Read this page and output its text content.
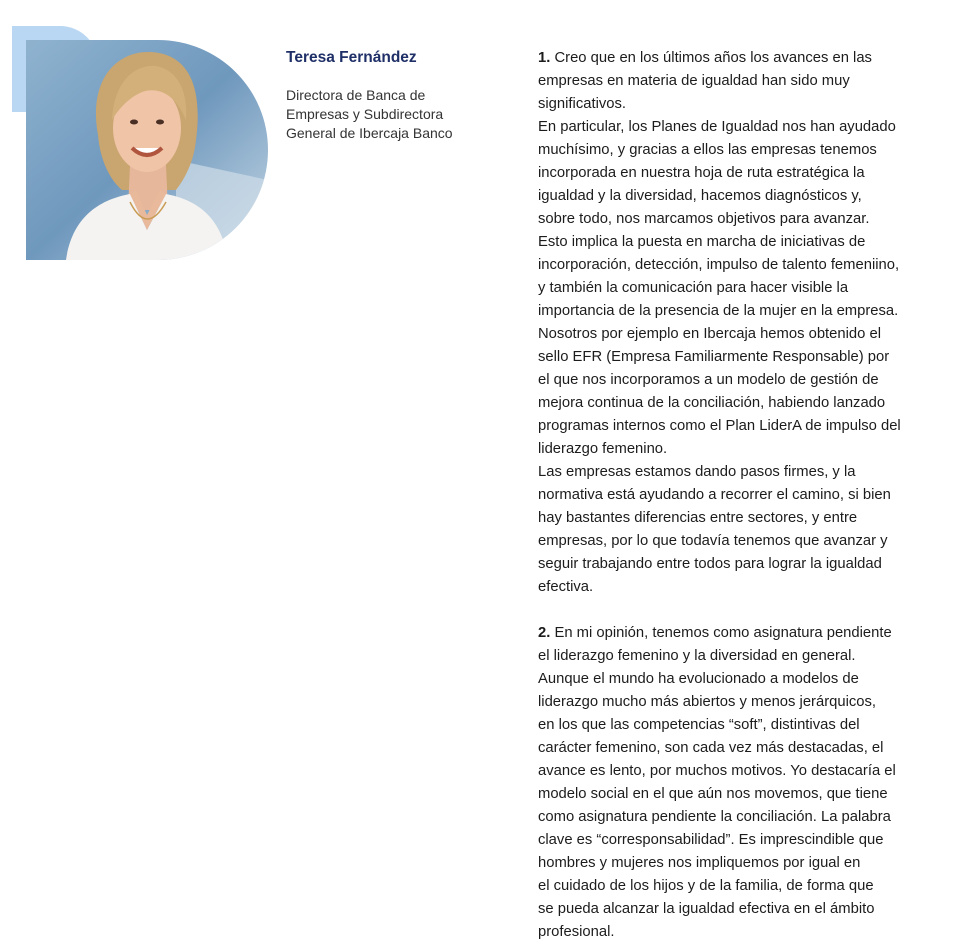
Teresa Fernández

Directora de Banca de
Empresas y Subdirectora
General de Ibercaja Banco

1. Creo que en los últimos años los avances en las

empresas en materia de igualdad han sido muy

significativos.

En particular, los Planes de Igualdad nos han ayudado

muchísimo, y gracias a ellos las empresas tenemos

incorporada en nuestra hoja de ruta estratégica la

igualdad y la diversidad, hacemos diagnósticos y,

sobre todo, nos marcamos objetivos para avanzar.

Esto implica la puesta en marcha de iniciativas de

incorporación, detección, impulso de talento femeniino,

y también la comunicación para hacer visible la

importancia de la presencia de la mujer en la empresa.

Nosotros por ejemplo en Ibercaja hemos obtenido el

sello EFR (Empresa Familiarmente Responsable) por

el que nos incorporamos a un modelo de gestión de

mejora continua de la conciliación, habiendo lanzado

programas internos como el Plan LiderA de impulso del

liderazgo femenino.

Las empresas estamos dando pasos firmes, y la

normativa está ayudando a recorrer el camino, si bien

hay bastantes diferencias entre sectores, y entre

empresas, por lo que todavía tenemos que avanzar y

seguir trabajando entre todos para lograr la igualdad

efectiva.

2. En mi opinión, tenemos como asignatura pendiente

el liderazgo femenino y la diversidad en general.

Aunque el mundo ha evolucionado a modelos de

liderazgo mucho más abiertos y menos jerárquicos,

en los que las competencias “soft”, distintivas del

carácter femenino, son cada vez más destacadas, el

avance es lento, por muchos motivos. Yo destacaría el

modelo social en el que aún nos movemos, que tiene

como asignatura pendiente la conciliación. La palabra

clave es “corresponsabilidad”. Es imprescindible que

hombres y mujeres nos impliquemos por igual en

el cuidado de los hijos y de la familia, de forma que

se pueda alcanzar la igualdad efectiva en el ámbito

profesional.
